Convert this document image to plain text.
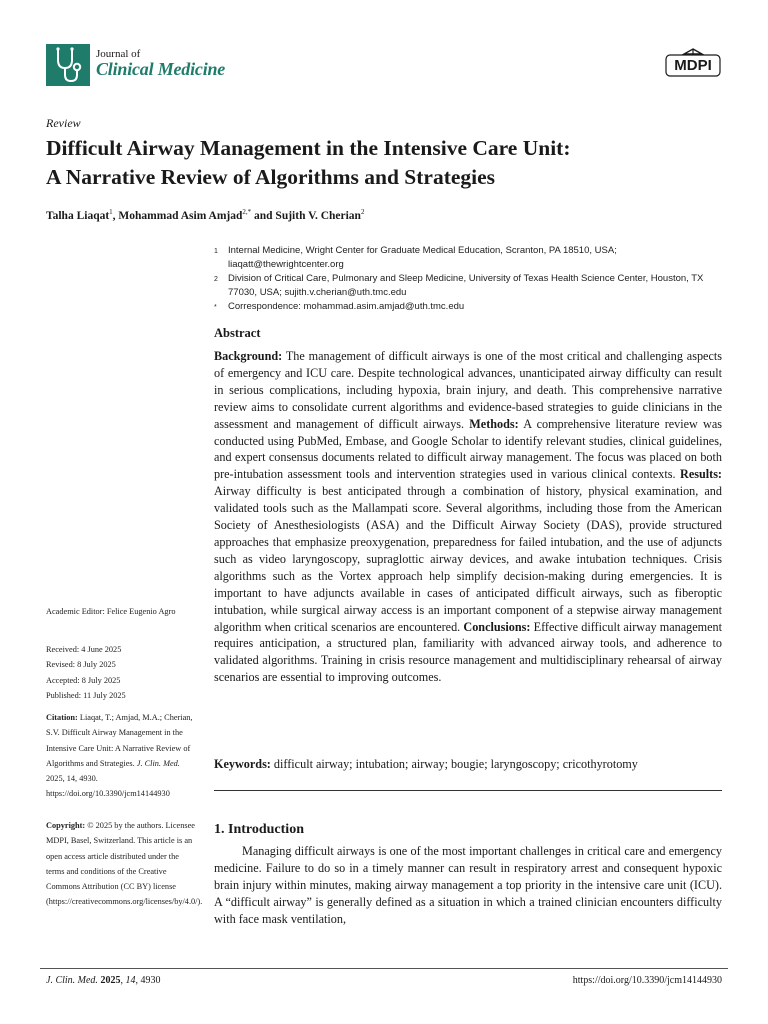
Journal of
Clinical Medicine	MDPI
Review
Difficult Airway Management in the Intensive Care Unit:
A Narrative Review of Algorithms and Strategies
Talha Liaqat$^1$, Mohammad Asim Amjad$^{2,*}$ and Sujith V. Cherian$^2$
1	Internal Medicine, Wright Center for Graduate Medical Education, Scranton, PA 18510, USA; liaqatt@thewrightcenter.org
2	Division of Critical Care, Pulmonary and Sleep Medicine, University of Texas Health Science Center, Houston, TX 77030, USA; sujith.v.cherian@uth.tmc.edu
*	Correspondence: mohammad.asim.amjad@uth.tmc.edu
Abstract

Background: The management of difficult airways is one of the most critical and challenging aspects of emergency and ICU care. Despite technological advances, unanticipated airway difficulty can result in serious complications, including hypoxia, brain injury, and death. This comprehensive narrative review aims to consolidate current algorithms and evidence-based strategies to guide clinicians in the assessment and management of difficult airways. Methods: A comprehensive literature review was conducted using PubMed, Embase, and Google Scholar to identify relevant studies, clinical guidelines, and expert consensus documents related to difficult airway management. The focus was placed on both pre-intubation assessment tools and intervention strategies used in various clinical contexts. Results: Airway difficulty is best anticipated through a combination of history, physical examination, and validated tools such as the Mallampati score. Several algorithms, including those from the American Society of Anesthesiologists (ASA) and the Difficult Airway Society (DAS), provide structured approaches that emphasize preoxygenation, preparedness for failed intubation, and the use of adjuncts such as video laryngoscopy, supraglottic airway devices, and awake intubation techniques. Crisis algorithms such as the Vortex approach help simplify decision-making during emergencies. It is important to have adjuncts available in cases of anticipated difficult airways, such as fiberoptic intubation, while surgical airway access is an important component of a stepwise airway management algorithm when critical scenarios are encountered. Conclusions: Effective difficult airway management requires anticipation, a structured plan, familiarity with advanced airway tools, and adherence to validated algorithms. Training in crisis resource management and multidisciplinary rehearsal of airway scenarios are essential to improving outcomes.

Keywords: difficult airway; intubation; airway; bougie; laryngoscopy; cricothyrotomy

1. Introduction

Managing difficult airways is one of the most important challenges in critical care and emergency medicine. Failure to do so in a timely manner can result in respiratory arrest and consequent hypoxic brain injury within minutes, making airway management a top priority in the intensive care unit (ICU). A “difficult airway” is generally defined as a situation in which a trained clinician encounters difficulty with face mask ventilation,

Academic Editor: Felice Eugenio Agro

Received: 4 June 2025

Revised: 8 July 2025

Accepted: 8 July 2025

Published: 11 July 2025

Citation: Liaqat, T.; Amjad, M.A.; Cherian, S.V. Difficult Airway Management in the Intensive Care Unit: A Narrative Review of Algorithms and Strategies. J. Clin. Med. 2025, 14, 4930. https://doi.org/10.3390/jcm14144930

Copyright: © 2025 by the authors. Licensee MDPI, Basel, Switzerland. This article is an open access article distributed under the terms and conditions of the Creative Commons Attribution (CC BY) license (https://creativecommons.org/licenses/by/4.0/).

J. Clin. Med. 2025, 14, 4930	https://doi.org/10.3390/jcm14144930
